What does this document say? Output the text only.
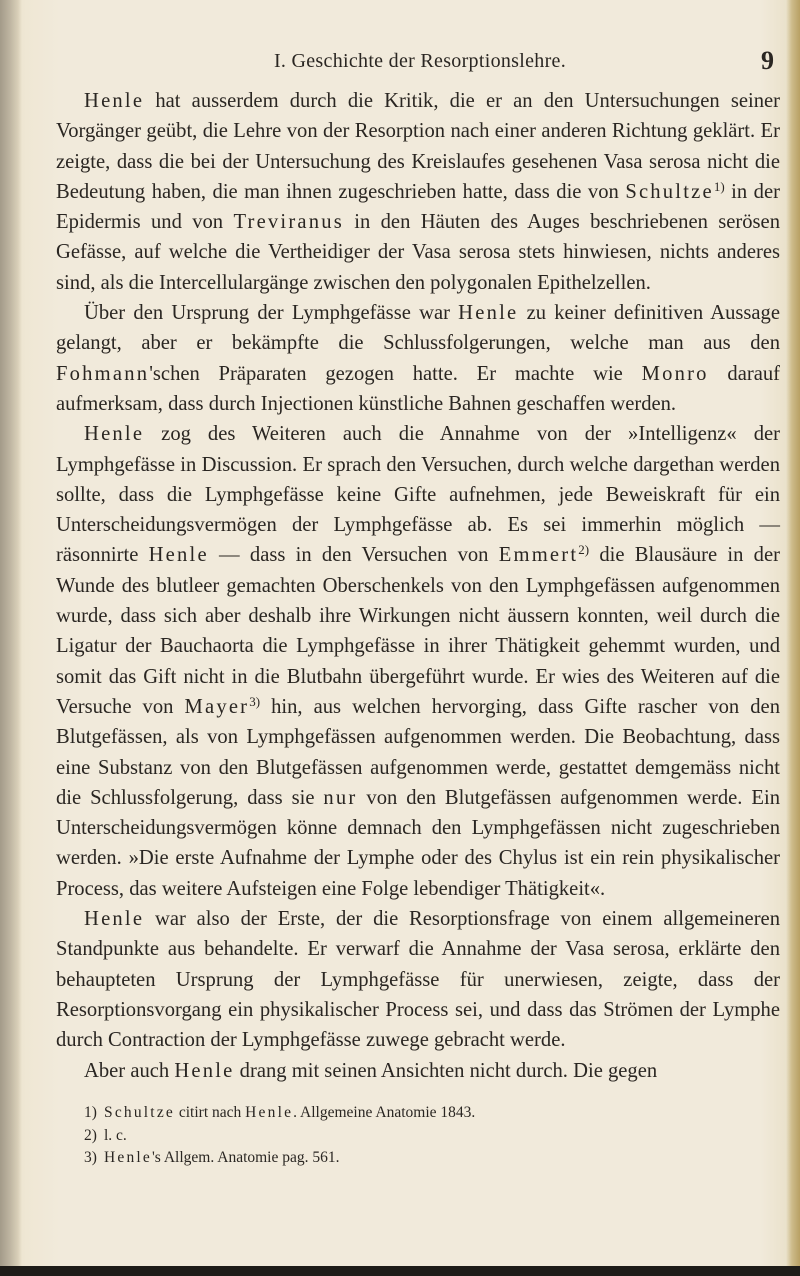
I. Geschichte der Resorptionslehre.	9

Henle hat ausserdem durch die Kritik, die er an den Untersuchungen seiner Vorgänger geübt, die Lehre von der Resorption nach einer anderen Richtung geklärt. Er zeigte, dass die bei der Untersuchung des Kreislaufes gesehenen Vasa serosa nicht die Bedeutung haben, die man ihnen zugeschrieben hatte, dass die von Schultze$^{1)}$ in der Epidermis und von Treviranus in den Häuten des Auges beschriebenen serösen Gefässe, auf welche die Vertheidiger der Vasa serosa stets hinwiesen, nichts anderes sind, als die Intercellulargänge zwischen den polygonalen Epithelzellen.

Über den Ursprung der Lymphgefässe war Henle zu keiner definitiven Aussage gelangt, aber er bekämpfte die Schlussfolgerungen, welche man aus den Fohmann'schen Präparaten gezogen hatte. Er machte wie Monro darauf aufmerksam, dass durch Injectionen künstliche Bahnen geschaffen werden.

Henle zog des Weiteren auch die Annahme von der »Intelligenz« der Lymphgefässe in Discussion. Er sprach den Versuchen, durch welche dargethan werden sollte, dass die Lymphgefässe keine Gifte aufnehmen, jede Beweiskraft für ein Unterscheidungsvermögen der Lymphgefässe ab. Es sei immerhin möglich — räsonnirte Henle — dass in den Versuchen von Emmert$^{2)}$ die Blausäure in der Wunde des blutleer gemachten Oberschenkels von den Lymphgefässen aufgenommen wurde, dass sich aber deshalb ihre Wirkungen nicht äussern konnten, weil durch die Ligatur der Bauchaorta die Lymphgefässe in ihrer Thätigkeit gehemmt wurden, und somit das Gift nicht in die Blutbahn übergeführt wurde. Er wies des Weiteren auf die Versuche von Mayer$^{3)}$ hin, aus welchen hervorging, dass Gifte rascher von den Blutgefässen, als von Lymphgefässen aufgenommen werden. Die Beobachtung, dass eine Substanz von den Blutgefässen aufgenommen werde, gestattet demgemäss nicht die Schlussfolgerung, dass sie nur von den Blutgefässen aufgenommen werde. Ein Unterscheidungsvermögen könne demnach den Lymphgefässen nicht zugeschrieben werden. »Die erste Aufnahme der Lymphe oder des Chylus ist ein rein physikalischer Process, das weitere Aufsteigen eine Folge lebendiger Thätigkeit«.

Henle war also der Erste, der die Resorptionsfrage von einem allgemeineren Standpunkte aus behandelte. Er verwarf die Annahme der Vasa serosa, erklärte den behaupteten Ursprung der Lymphgefässe für unerwiesen, zeigte, dass der Resorptionsvorgang ein physikalischer Process sei, und dass das Strömen der Lymphe durch Contraction der Lymphgefässe zuwege gebracht werde.

Aber auch Henle drang mit seinen Ansichten nicht durch. Die gegen

1) Schultze citirt nach Henle. Allgemeine Anatomie 1843.
2) l. c.
3) Henle's Allgem. Anatomie pag. 561.
